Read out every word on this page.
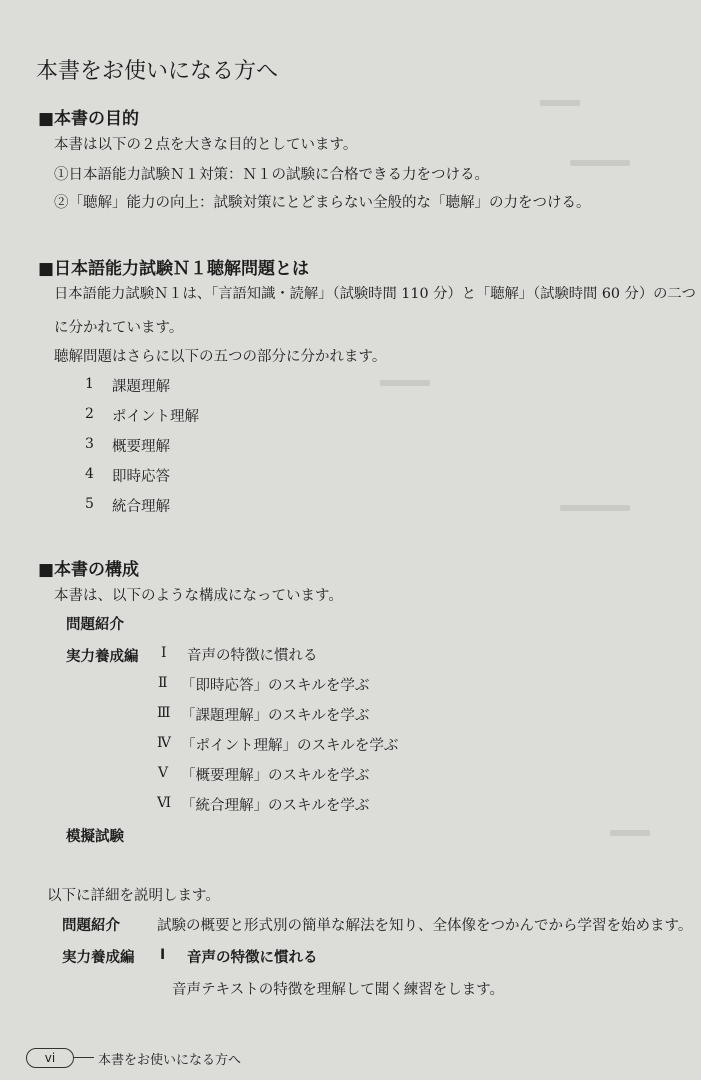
本書をお使いになる方へ
■本書の目的
本書は以下の２点を大きな目的としています。
①日本語能力試験Ｎ１対策：Ｎ１の試験に合格できる力をつける。
②「聴解」能力の向上：試験対策にとどまらない全般的な「聴解」の力をつける。
■日本語能力試験Ｎ１聴解問題とは
日本語能力試験Ｎ１は、「言語知識・読解」（試験時間 110 分）と「聴解」（試験時間 60 分）の二つ
に分かれています。
聴解問題はさらに以下の五つの部分に分かれます。
1 課題理解
2 ポイント理解
3 概要理解
4 即時応答
5 統合理解
■本書の構成
本書は、以下のような構成になっています。
問題紹介
実力養成編 Ⅰ 音声の特徴に慣れる
Ⅱ 「即時応答」のスキルを学ぶ
Ⅲ 「課題理解」のスキルを学ぶ
Ⅳ 「ポイント理解」のスキルを学ぶ
Ⅴ 「概要理解」のスキルを学ぶ
Ⅵ 「統合理解」のスキルを学ぶ
模擬試験
以下に詳細を説明します。
問題紹介	試験の概要と形式別の簡単な解法を知り、全体像をつかんでから学習を始めます。
実力養成編 Ⅰ 音声の特徴に慣れる
音声テキストの特徴を理解して聞く練習をします。
vi	本書をお使いになる方へ
